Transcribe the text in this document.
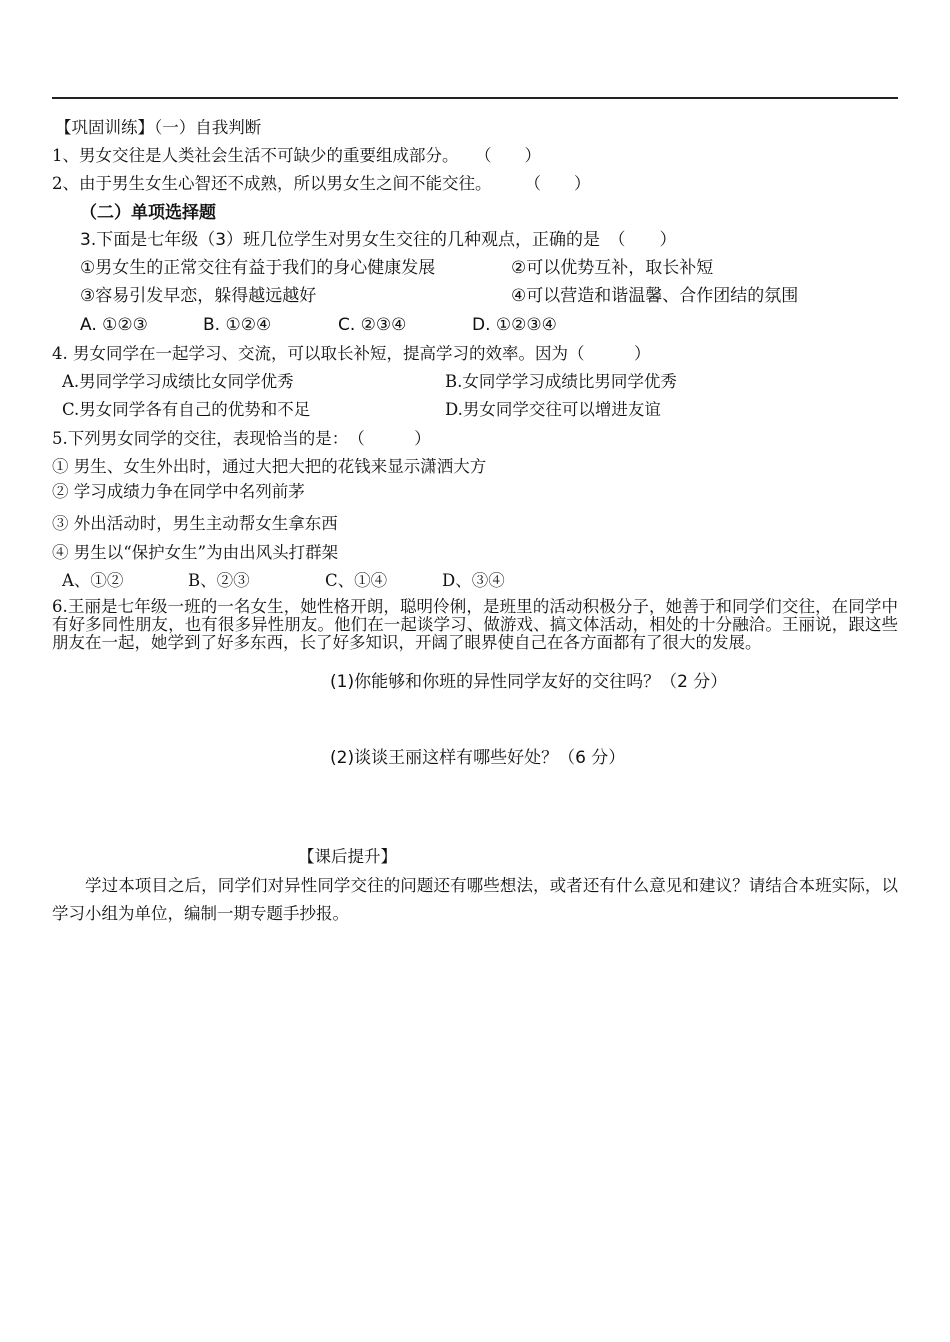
【巩固训练】（一）自我判断
1、男女交往是人类社会生活不可缺少的重要组成部分。　　（　　）
2、由于男生女生心智还不成熟，所以男女生之间不能交往。　　　（　　）
（二）单项选择题
3.下面是七年级（3）班几位学生对男女生交往的几种观点，正确的是　（　　）
①男女生的正常交往有益于我们的身心健康发展	②可以优势互补，取长补短
③容易引发早恋，躲得越远越好	④可以营造和谐温馨、合作团结的氛围
A. ①②③	B. ①②④	C. ②③④	D. ①②③④
4. 男女同学在一起学习、交流，可以取长补短，提高学习的效率。因为（　　　）
A.男同学学习成绩比女同学优秀	B.女同学学习成绩比男同学优秀
C.男女同学各有自己的优势和不足	D.男女同学交往可以增进友谊
5.下列男女同学的交往，表现恰当的是：　（　　　）
① 男生、女生外出时，通过大把大把的花钱来显示潇洒大方
② 学习成绩力争在同学中名列前茅
③ 外出活动时，男生主动帮女生拿东西
④ 男生以“保护女生”为由出风头打群架
A、①②	B、②③	C、①④	D、③④
6.王丽是七年级一班的一名女生，她性格开朗，聪明伶俐，是班里的活动积极分子，她善于和同学们交往，在同学中有好多同性朋友，也有很多异性朋友。他们在一起谈学习、做游戏、搞文体活动，相处的十分融洽。王丽说，跟这些朋友在一起，她学到了好多东西，长了好多知识，开阔了眼界使自己在各方面都有了很大的发展。
(1)你能够和你班的异性同学友好的交往吗？（2 分）
(2)谈谈王丽这样有哪些好处？（6 分）
【课后提升】
学过本项目之后，同学们对异性同学交往的问题还有哪些想法，或者还有什么意见和建议？请结合本班实际，以学习小组为单位，编制一期专题手抄报。
